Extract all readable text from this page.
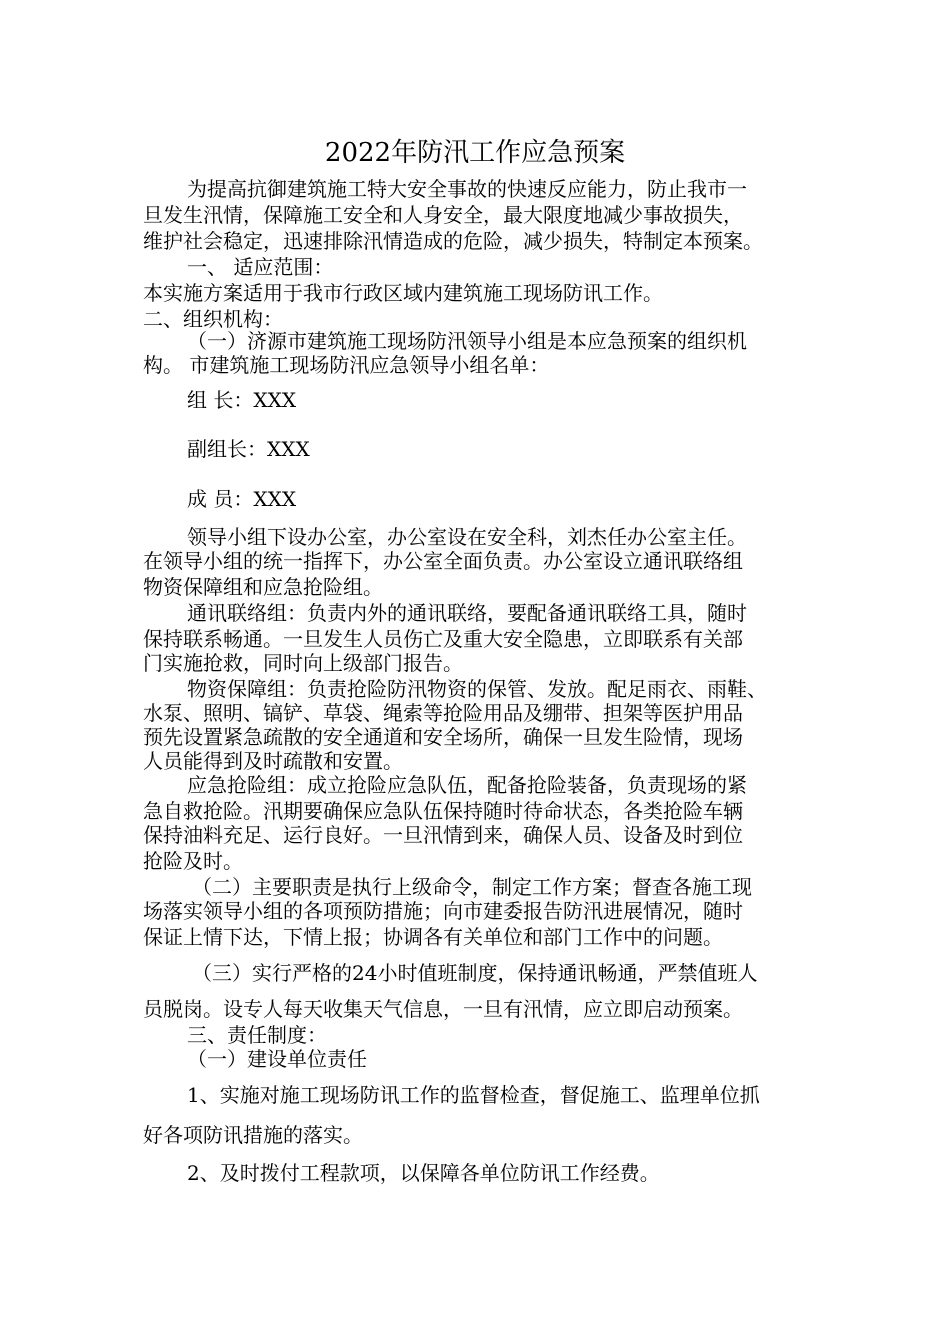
2022年防汛工作应急预案
为提高抗御建筑施工特大安全事故的快速反应能力，防止我市一
旦发生汛情，保障施工安全和人身安全，最大限度地减少事故损失，
维护社会稳定，迅速排除汛情造成的危险，减少损失，特制定本预案。
一、 适应范围：
本实施方案适用于我市行政区域内建筑施工现场防讯工作。
二、组织机构：
（一）济源市建筑施工现场防汛领导小组是本应急预案的组织机
构。 市建筑施工现场防汛应急领导小组名单：
组 长：XXX
副组长：XXX
成 员：XXX
领导小组下设办公室，办公室设在安全科，刘杰任办公室主任。
在领导小组的统一指挥下，办公室全面负责。办公室设立通讯联络组
物资保障组和应急抢险组。
通讯联络组：负责内外的通讯联络，要配备通讯联络工具，随时
保持联系畅通。一旦发生人员伤亡及重大安全隐患，立即联系有关部
门实施抢救，同时向上级部门报告。
物资保障组：负责抢险防汛物资的保管、发放。配足雨衣、雨鞋、
水泵、照明、镐铲、草袋、绳索等抢险用品及绷带、担架等医护用品
预先设置紧急疏散的安全通道和安全场所，确保一旦发生险情，现场
人员能得到及时疏散和安置。
应急抢险组：成立抢险应急队伍，配备抢险装备，负责现场的紧
急自救抢险。汛期要确保应急队伍保持随时待命状态，各类抢险车辆
保持油料充足、运行良好。一旦汛情到来，确保人员、设备及时到位
抢险及时。
（二）主要职责是执行上级命令，制定工作方案；督查各施工现
场落实领导小组的各项预防措施；向市建委报告防汛进展情况，随时
保证上情下达，下情上报；协调各有关单位和部门工作中的问题。
（三）实行严格的24小时值班制度，保持通讯畅通，严禁值班人
员脱岗。设专人每天收集天气信息，一旦有汛情，应立即启动预案。
三、责任制度：
（一）建设单位责任
1、实施对施工现场防讯工作的监督检查，督促施工、监理单位抓
好各项防讯措施的落实。
2、及时拨付工程款项，以保障各单位防讯工作经费。
